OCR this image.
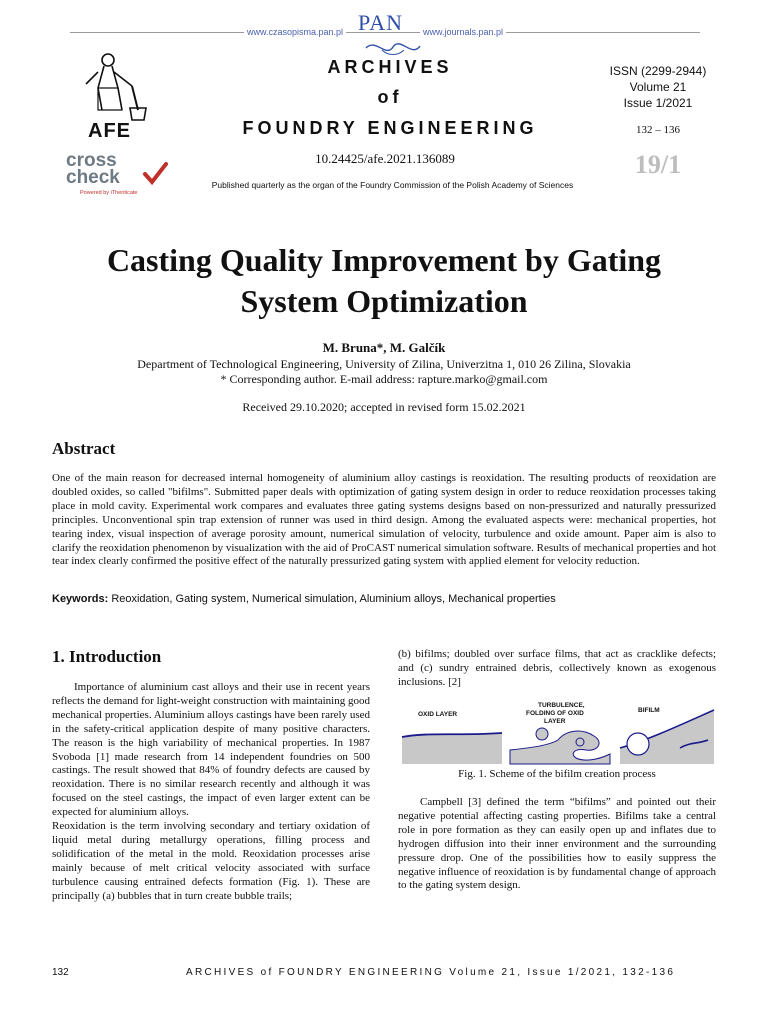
www.czasopisma.pan.pl	www.journals.pan.pl
PAN
AFE
cross
check
Powered by iThenticate
ARCHIVES
of
FOUNDRY ENGINEERING
10.24425/afe.2021.136089
Published quarterly as the organ of the Foundry Commission of the Polish Academy of Sciences
ISSN (2299-2944)
Volume 21
Issue 1/2021
132 – 136
19/1
Casting Quality Improvement by Gating
System Optimization
M. Bruna*, M. Galčík
Department of Technological Engineering, University of Zilina, Univerzitna 1, 010 26 Zilina, Slovakia
* Corresponding author. E-mail address: rapture.marko@gmail.com
Received 29.10.2020; accepted in revised form 15.02.2021
Abstract
One of the main reason for decreased internal homogeneity of aluminium alloy castings is reoxidation. The resulting products of reoxidation are doubled oxides, so called "bifilms". Submitted paper deals with optimization of gating system design in order to reduce reoxidation processes taking place in mold cavity. Experimental work compares and evaluates three gating systems designs based on non-pressurized and naturally pressurized principles. Unconventional spin trap extension of runner was used in third design. Among the evaluated aspects were: mechanical properties, hot tearing index, visual inspection of average porosity amount, numerical simulation of velocity, turbulence and oxide amount. Paper aim is also to clarify the reoxidation phenomenon by visualization with the aid of ProCAST numerical simulation software. Results of mechanical properties and hot tear index clearly confirmed the positive effect of the naturally pressurized gating system with applied element for velocity reduction.
Keywords: Reoxidation, Gating system, Numerical simulation, Aluminium alloys, Mechanical properties
1. Introduction

Importance of aluminium cast alloys and their use in recent years reflects the demand for light-weight construction with maintaining good mechanical properties. Aluminium alloys castings have been rarely used in the safety-critical application despite of many positive characters. The reason is the high variability of mechanical properties. In 1987 Svoboda [1] made research from 14 independent foundries on 500 castings. The result showed that 84% of foundry defects are caused by reoxidation. There is no similar research recently and although it was focused on the steel castings, the impact of even larger extent can be expected for aluminium alloys.

Reoxidation is the term involving secondary and tertiary oxidation of liquid metal during metallurgy operations, filling process and solidification of the metal in the mold. Reoxidation processes arise mainly because of melt critical velocity associated with surface turbulence causing entrained defects formation (Fig. 1). These are principally (a) bubbles that in turn create bubble trails;

(b) bifilms; doubled over surface films, that act as cracklike defects; and (c) sundry entrained debris, collectively known as exogenous inclusions. [2]
OXID LAYER
TURBULENCE,
FOLDING OF OXID
LAYER
BIFILM
Fig. 1. Scheme of the bifilm creation process

Campbell [3] defined the term “bifilms” and pointed out their negative potential affecting casting properties. Bifilms take a central role in pore formation as they can easily open up and inflates due to hydrogen diffusion into their inner environment and the surrounding pressure drop. One of the possibilities how to easily suppress the negative influence of reoxidation is by fundamental change of approach to the gating system design.

132	ARCHIVES of FOUNDRY ENGINEERING Volume 21, Issue 1/2021, 132-136
